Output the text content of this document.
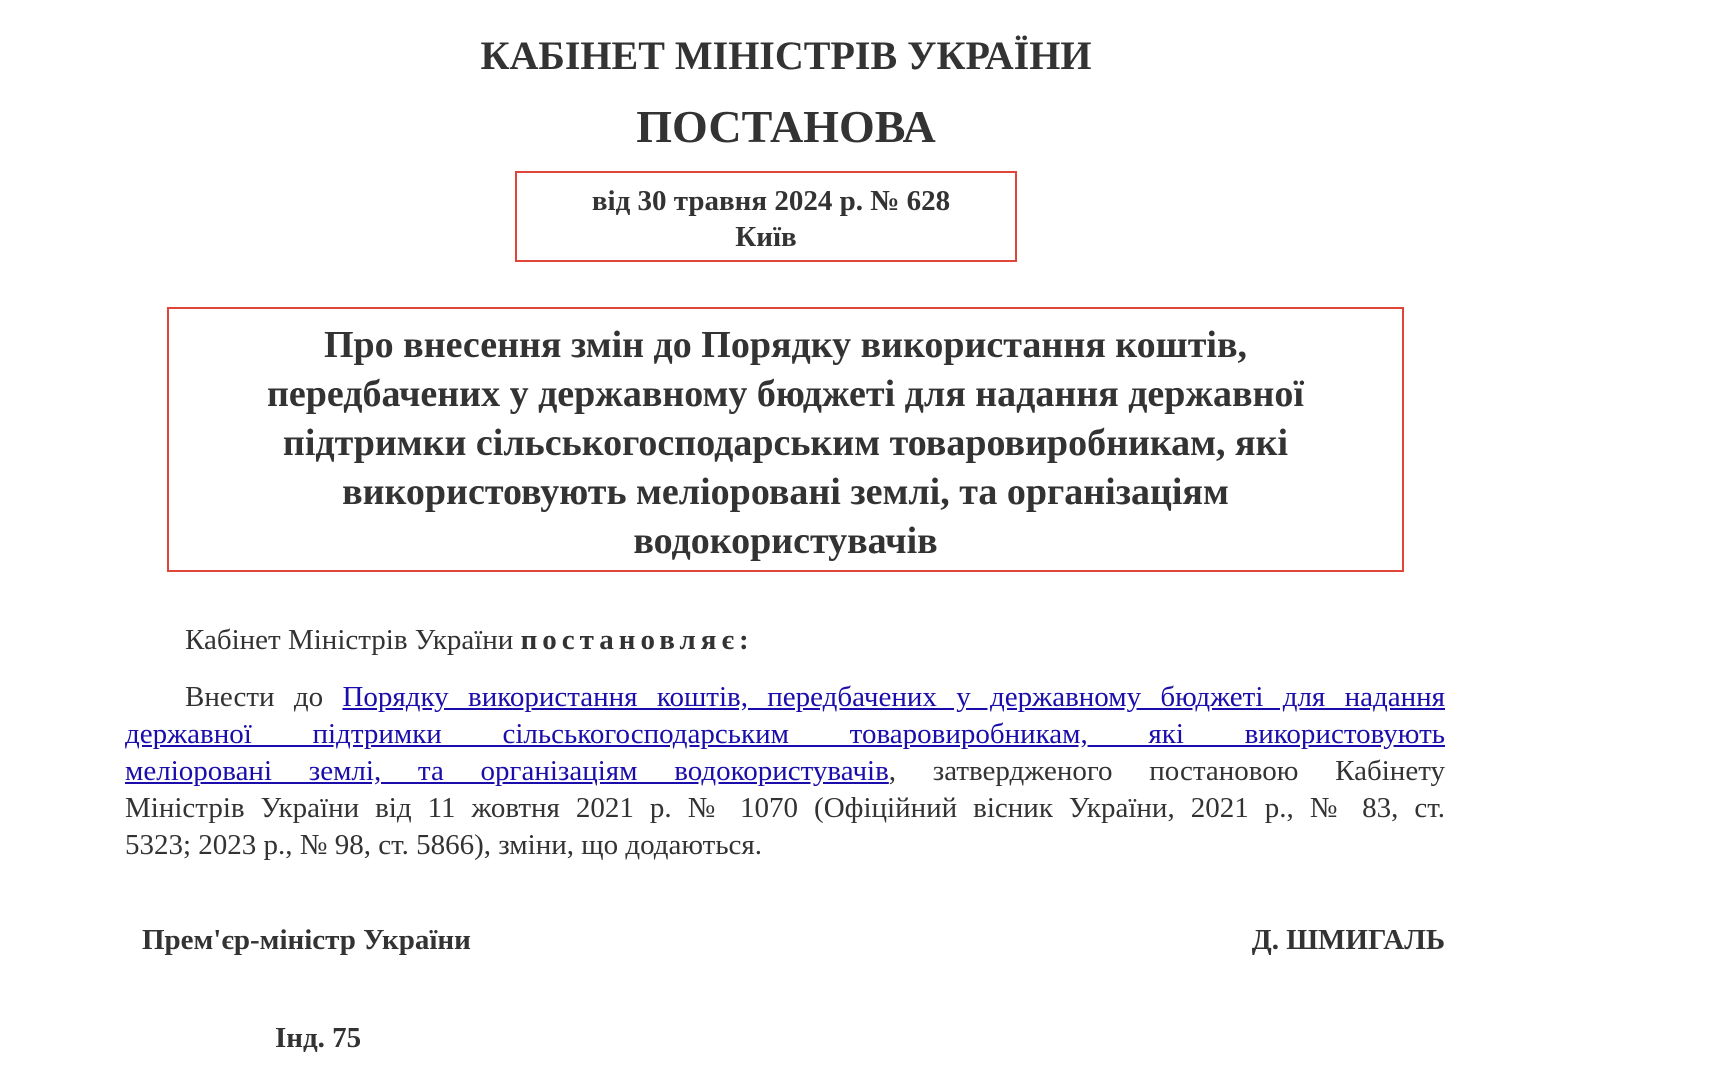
КАБІНЕТ МІНІСТРІВ УКРАЇНИ
ПОСТАНОВА
від 30 травня 2024 р. № 628
Київ
Про внесення змін до Порядку використання коштів,
передбачених у державному бюджеті для надання державної
підтримки сільськогосподарським товаровиробникам, які
використовують меліоровані землі, та організаціям
водокористувачів
Кабінет Міністрів України постановляє:
Внести до Порядку використання коштів, передбачених у державному бюджеті для надання
державної підтримки сільськогосподарським товаровиробникам, які використовують
меліоровані землі, та організаціям водокористувачів, затвердженого постановою Кабінету
Міністрів України від 11 жовтня 2021 р. № 1070 (Офіційний вісник України, 2021 р., № 83, ст.
5323; 2023 р., № 98, ст. 5866), зміни, що додаються.
Прем'єр-міністр України	Д. ШМИГАЛЬ
Інд. 75
